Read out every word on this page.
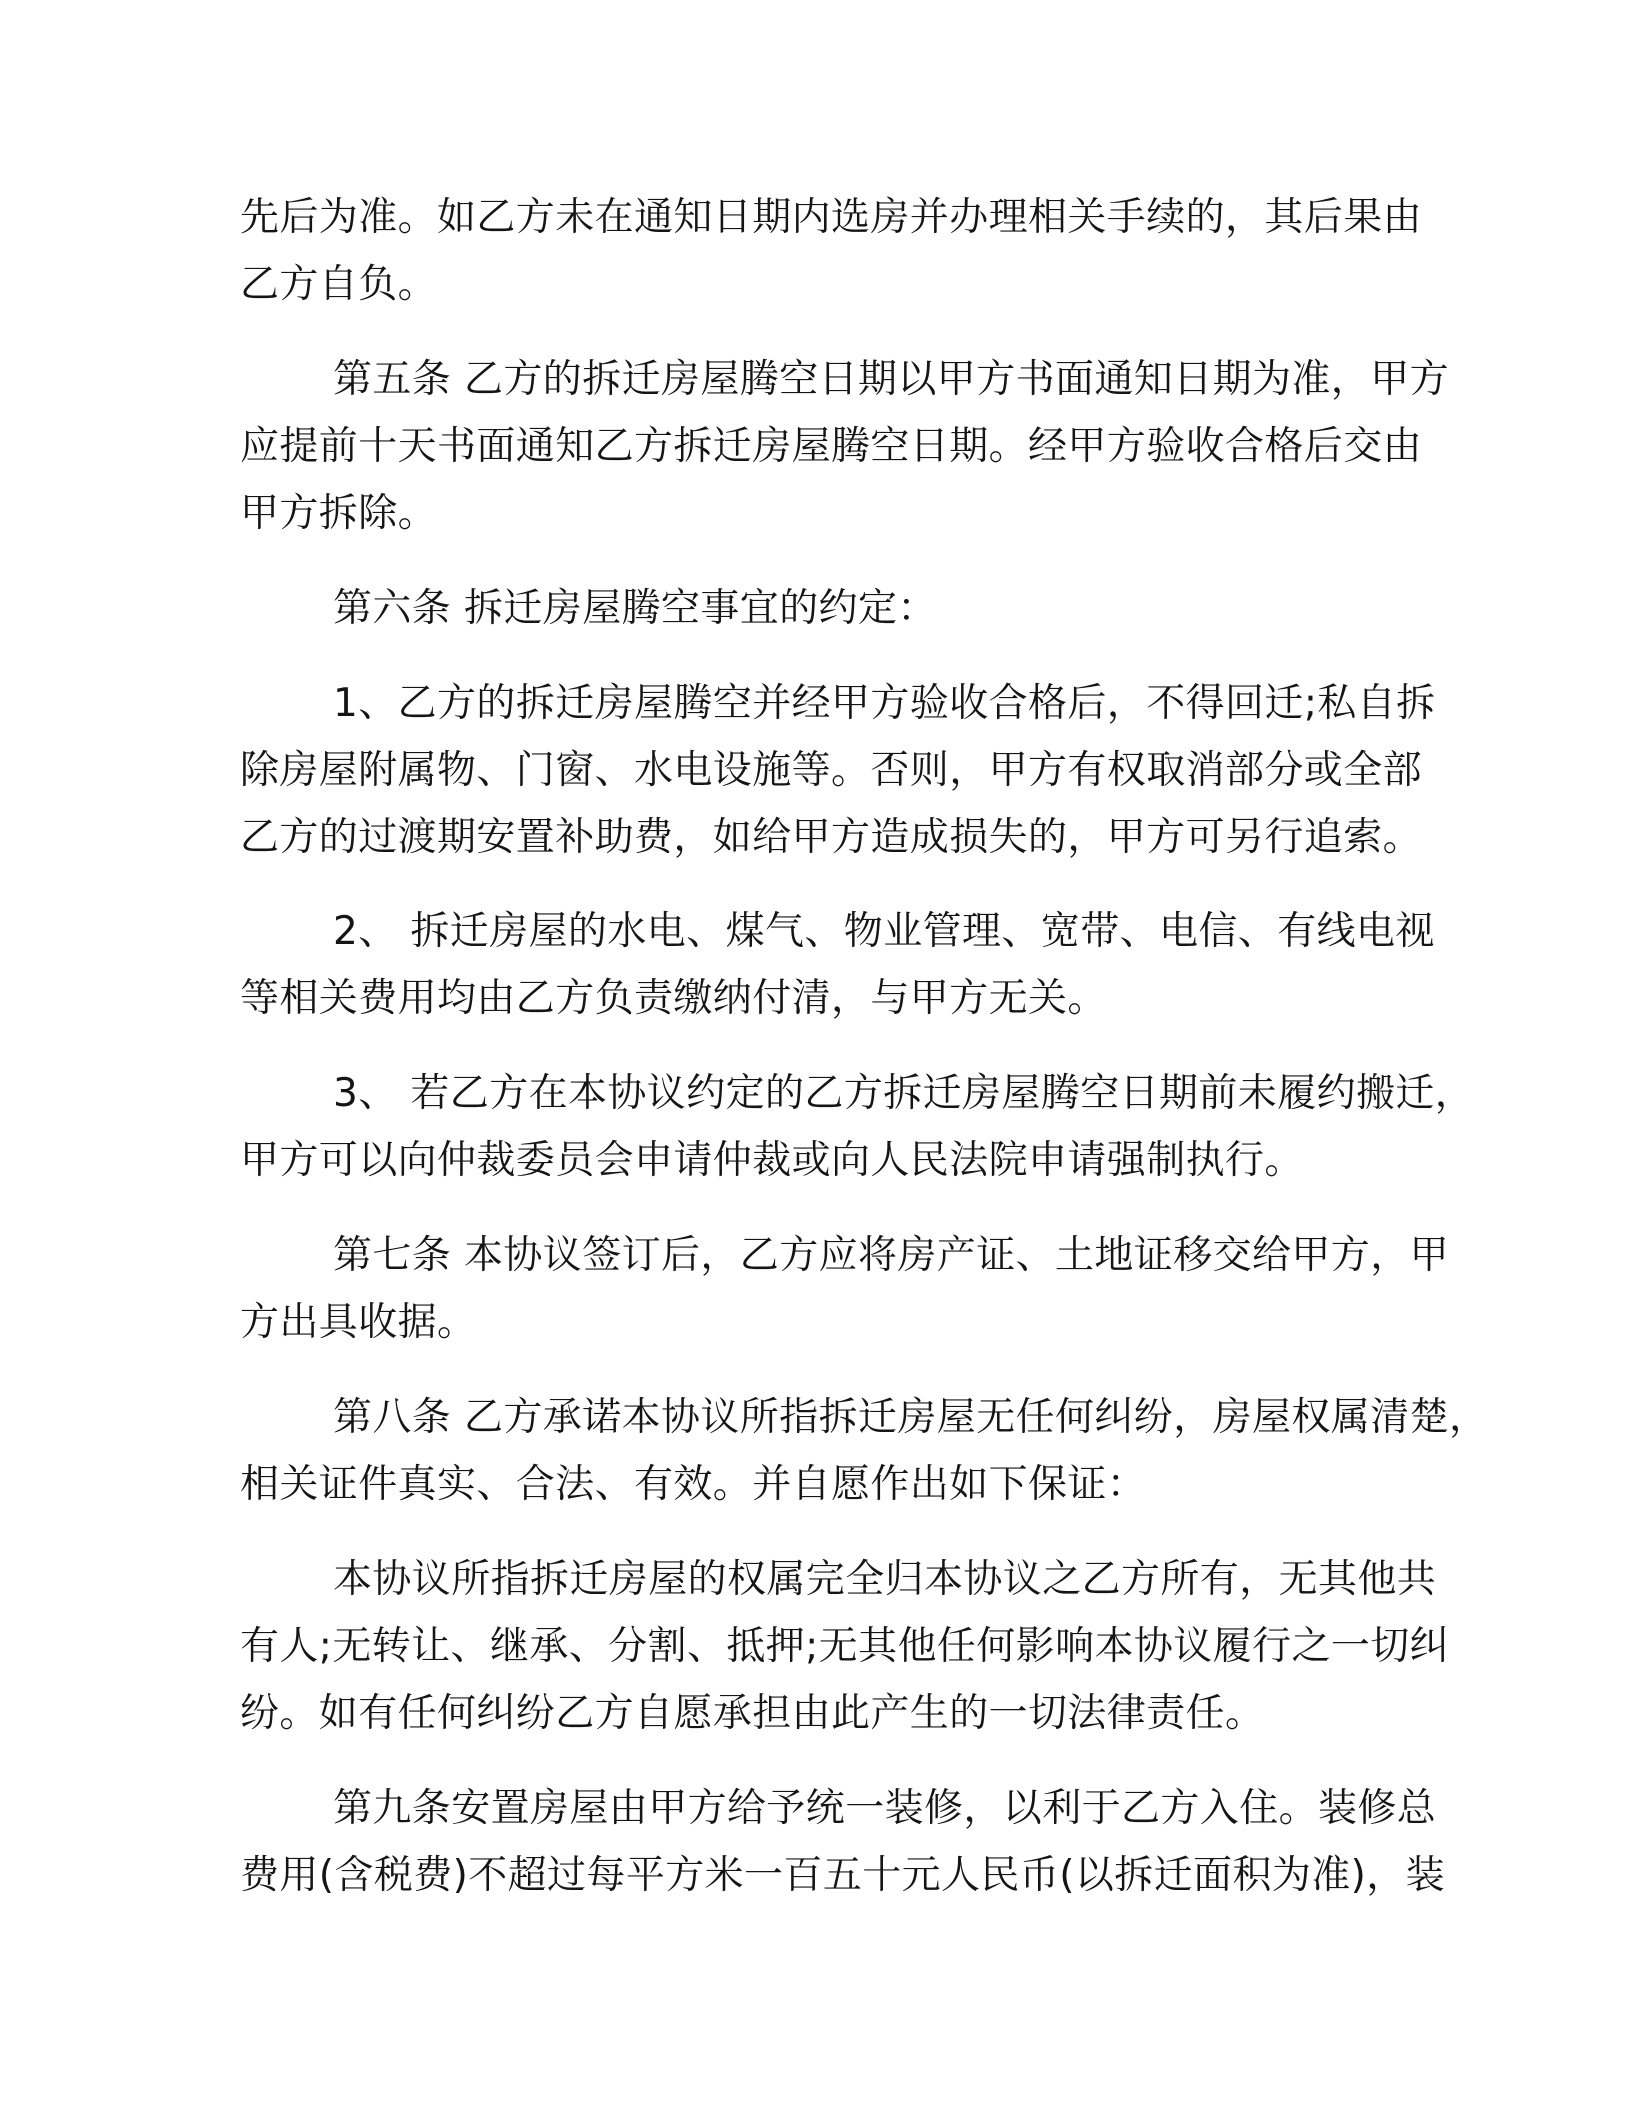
先后为准。如乙方未在通知日期内选房并办理相关手续的，其后果由

乙方自负。

第五条 乙方的拆迁房屋腾空日期以甲方书面通知日期为准，甲方

应提前十天书面通知乙方拆迁房屋腾空日期。经甲方验收合格后交由

甲方拆除。

第六条 拆迁房屋腾空事宜的约定：

1、乙方的拆迁房屋腾空并经甲方验收合格后，不得回迁;私自拆

除房屋附属物、门窗、水电设施等。否则，甲方有权取消部分或全部

乙方的过渡期安置补助费，如给甲方造成损失的，甲方可另行追索。

2、 拆迁房屋的水电、煤气、物业管理、宽带、电信、有线电视

等相关费用均由乙方负责缴纳付清，与甲方无关。

3、 若乙方在本协议约定的乙方拆迁房屋腾空日期前未履约搬迁，

甲方可以向仲裁委员会申请仲裁或向人民法院申请强制执行。

第七条 本协议签订后，乙方应将房产证、土地证移交给甲方，甲

方出具收据。

第八条 乙方承诺本协议所指拆迁房屋无任何纠纷，房屋权属清楚，

相关证件真实、合法、有效。并自愿作出如下保证：

本协议所指拆迁房屋的权属完全归本协议之乙方所有，无其他共

有人;无转让、继承、分割、抵押;无其他任何影响本协议履行之一切纠

纷。如有任何纠纷乙方自愿承担由此产生的一切法律责任。

第九条安置房屋由甲方给予统一装修，以利于乙方入住。装修总

费用(含税费)不超过每平方米一百五十元人民币(以拆迁面积为准)，装
